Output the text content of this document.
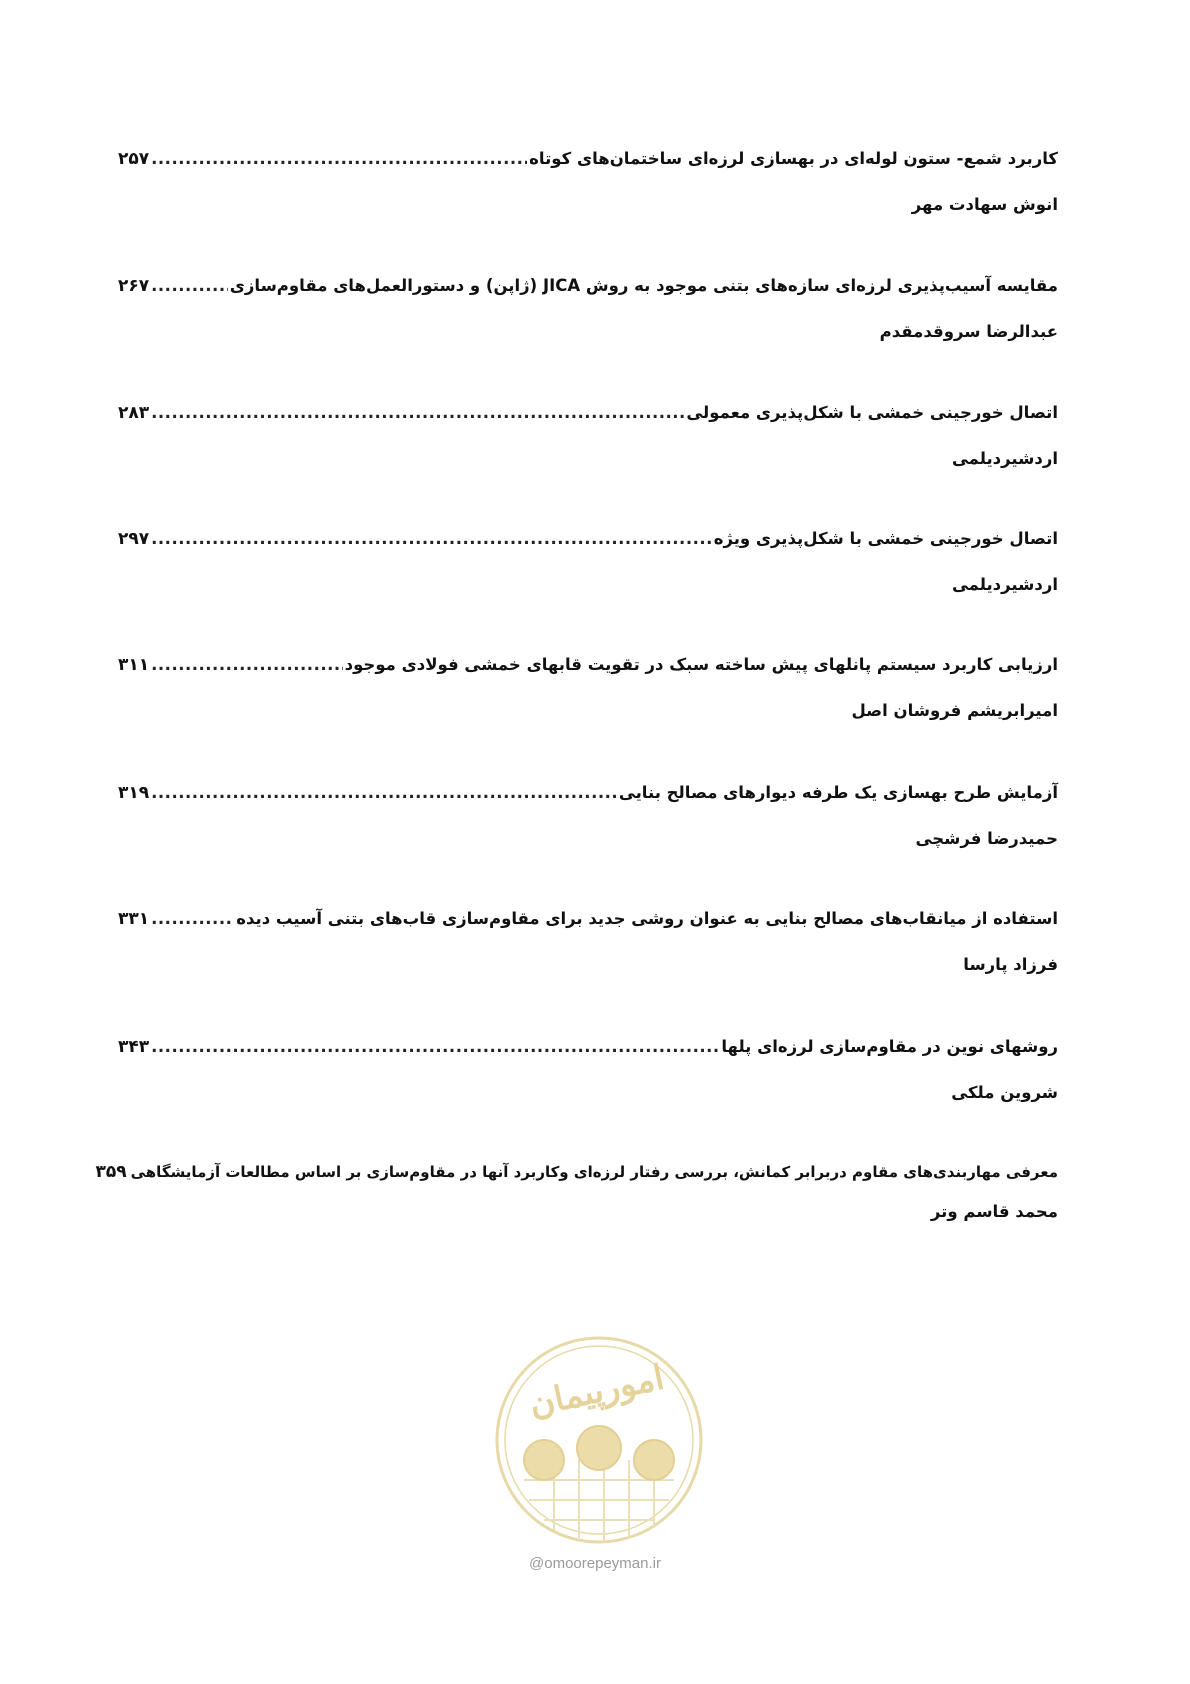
کاربرد شمع- ستون لوله‌ای در بهسازی لرزه‌ای ساختمان‌های کوتاه
.....
۲۵۷
انوش سهادت مهر
مقایسه آسیب‌پذیری لرزه‌ای سازه‌های بتنی موجود به روش JICA (ژاپن) و دستورالعمل‌های مقاوم‌سازی
.....
۲۶۷
عبدالرضا سروقدمقدم
اتصال خورجینی خمشی با شکل‌پذیری معمولی
.....
۲۸۳
اردشیردیلمی
اتصال خورجینی خمشی با شکل‌پذیری ویژه
.....
۲۹۷
اردشیردیلمی
ارزیابی کاربرد سیستم پانلهای پیش ساخته سبک در تقویت قابهای خمشی فولادی موجود
.....
۳۱۱
امیرابریشم فروشان اصل
آزمایش طرح بهسازی یک طرفه دیوارهای مصالح بنایی
.....
۳۱۹
حمیدرضا فرشچی
استفاده از میانقاب‌های مصالح بنایی به عنوان روشی جدید برای مقاوم‌سازی قاب‌های بتنی آسیب دیده
.....
۳۳۱
فرزاد پارسا
روشهای نوین در مقاوم‌سازی لرزه‌ای پلها
.....
۳۴۳
شروین ملکی
معرفی مهاربندی‌های مقاوم دربرابر کمانش، بررسی رفتار لرزه‌ای وکاربرد آنها در مقاوم‌سازی بر اساس مطالعات آزمایشگاهی
۳۵۹
محمد قاسم وتر
امورپیمان
@omoorepeyman.ir
